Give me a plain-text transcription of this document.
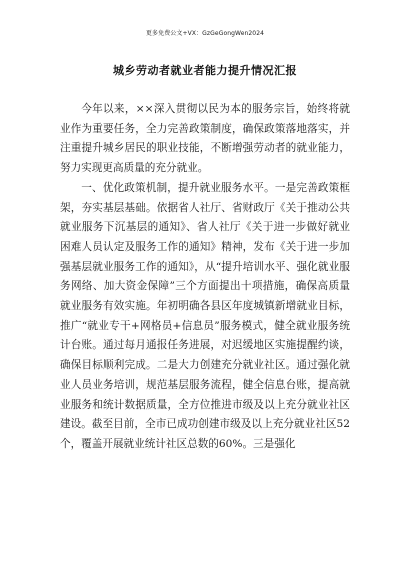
更多免费公文+VX：GzGeGongWen2024
城乡劳动者就业者能力提升情况汇报

今年以来，××深入贯彻以民为本的服务宗旨，始终将就业作为重要任务，全力完善政策制度，确保政策落地落实，并注重提升城乡居民的职业技能，不断增强劳动者的就业能力，努力实现更高质量的充分就业。

一、优化政策机制，提升就业服务水平。一是完善政策框架，夯实基层基础。依据省人社厅、省财政厅《关于推动公共就业服务下沉基层的通知》、省人社厅《关于进一步做好就业困难人员认定及服务工作的通知》精神，发布《关于进一步加强基层就业服务工作的通知》，从“提升培训水平、强化就业服务网络、加大资金保障”三个方面提出十项措施，确保高质量就业服务有效实施。年初明确各县区年度城镇新增就业目标，推广“就业专干+网格员+信息员”服务模式，健全就业服务统计台账。通过每月通报任务进展，对迟缓地区实施提醒约谈，确保目标顺利完成。二是大力创建充分就业社区。通过强化就业人员业务培训，规范基层服务流程，健全信息台账，提高就业服务和统计数据质量，全方位推进市级及以上充分就业社区建设。截至目前，全市已成功创建市级及以上充分就业社区52个，覆盖开展就业统计社区总数的60%。三是强化
